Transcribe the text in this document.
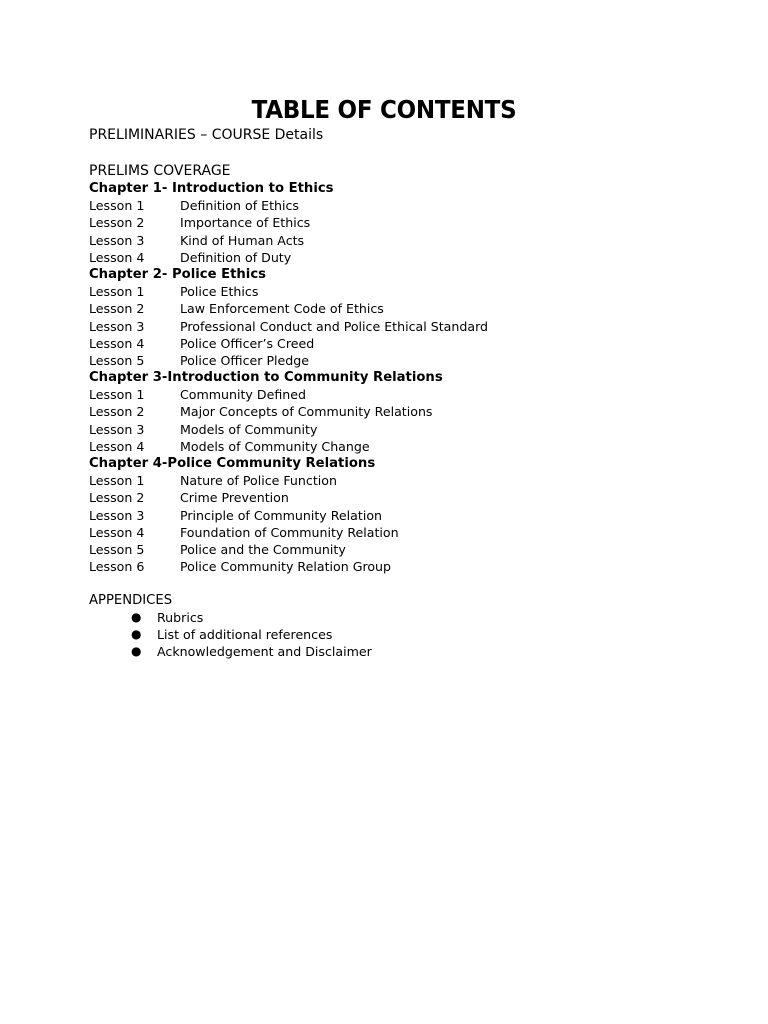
TABLE OF CONTENTS
PRELIMINARIES – COURSE Details
PRELIMS COVERAGE
Chapter 1- Introduction to Ethics
Lesson 1	Definition of Ethics
Lesson 2	Importance of Ethics
Lesson 3	Kind of Human Acts
Lesson 4	Definition of Duty
Chapter 2- Police Ethics
Lesson 1	Police Ethics
Lesson 2	Law Enforcement Code of Ethics
Lesson 3	Professional Conduct and Police Ethical Standard
Lesson 4	Police Officer’s Creed
Lesson 5	Police Officer Pledge
Chapter 3-Introduction to Community Relations
Lesson 1	Community Defined
Lesson 2	Major Concepts of Community Relations
Lesson 3	Models of Community
Lesson 4	Models of Community Change
Chapter 4-Police Community Relations
Lesson 1	Nature of Police Function
Lesson 2	Crime Prevention
Lesson 3	Principle of Community Relation
Lesson 4	Foundation of Community Relation
Lesson 5	Police and the Community
Lesson 6	Police Community Relation Group
APPENDICES
● Rubrics
● List of additional references
● Acknowledgement and Disclaimer
